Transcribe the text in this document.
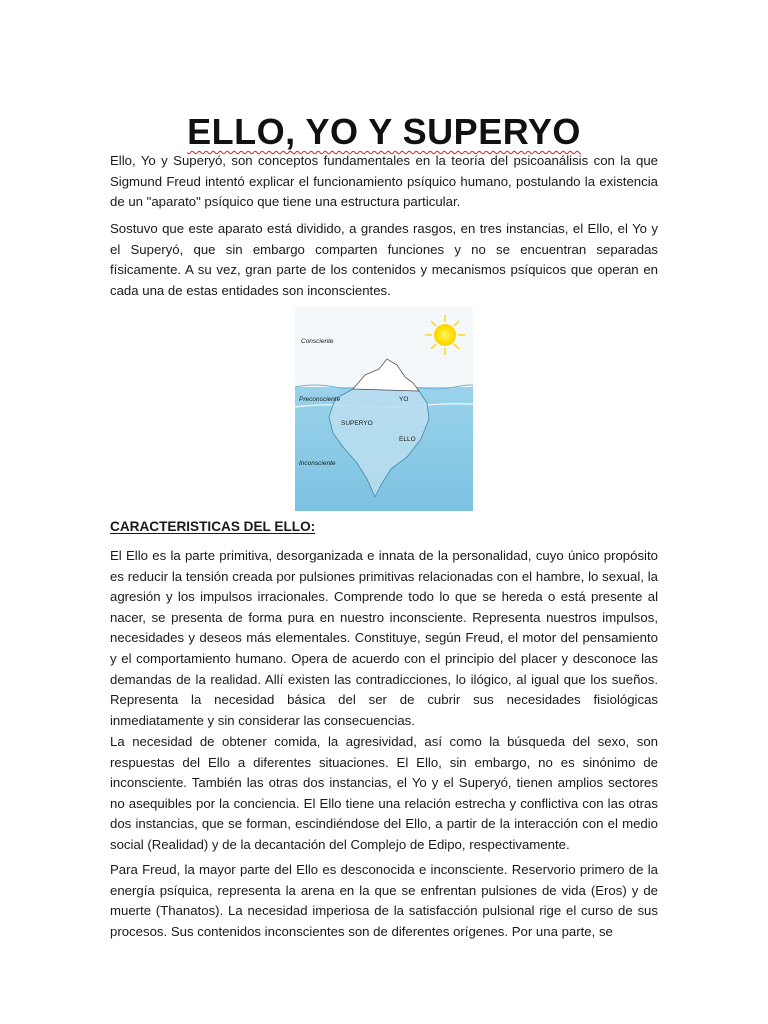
ELLO, YO Y SUPERYO

Ello, Yo y Superyó, son conceptos fundamentales en la teoría del psicoanálisis con la que Sigmund Freud intentó explicar el funcionamiento psíquico humano, postulando la existencia de un "aparato" psíquico que tiene una estructura particular.

Sostuvo que este aparato está dividido, a grandes rasgos, en tres instancias, el Ello, el Yo y el Superyó, que sin embargo comparten funciones y no se encuentran separadas físicamente. A su vez, gran parte de los contenidos y mecanismos psíquicos que operan en cada una de estas entidades son inconscientes.

Consciente
Preconsciente	YO
SUPERYO
ELLO
Inconsciente
CARACTERISTICAS DEL ELLO:

El Ello es la parte primitiva, desorganizada e innata de la personalidad, cuyo único propósito es reducir la tensión creada por pulsiones primitivas relacionadas con el hambre, lo sexual, la agresión y los impulsos irracionales. Comprende todo lo que se hereda o está presente al nacer, se presenta de forma pura en nuestro inconsciente. Representa nuestros impulsos, necesidades y deseos más elementales. Constituye, según Freud, el motor del pensamiento y el comportamiento humano. Opera de acuerdo con el principio del placer y desconoce las demandas de la realidad. Allí existen las contradicciones, lo ilógico, al igual que los sueños. Representa la necesidad básica del ser de cubrir sus necesidades fisiológicas inmediatamente y sin considerar las consecuencias.

La necesidad de obtener comida, la agresividad, así como la búsqueda del sexo, son respuestas del Ello a diferentes situaciones. El Ello, sin embargo, no es sinónimo de inconsciente. También las otras dos instancias, el Yo y el Superyó, tienen amplios sectores no asequibles por la conciencia. El Ello tiene una relación estrecha y conflictiva con las otras dos instancias, que se forman, escindiéndose del Ello, a partir de la interacción con el medio social (Realidad) y de la decantación del Complejo de Edipo, respectivamente.

Para Freud, la mayor parte del Ello es desconocida e inconsciente. Reservorio primero de la energía psíquica, representa la arena en la que se enfrentan pulsiones de vida (Eros) y de muerte (Thanatos). La necesidad imperiosa de la satisfacción pulsional rige el curso de sus procesos. Sus contenidos inconscientes son de diferentes orígenes. Por una parte, se
